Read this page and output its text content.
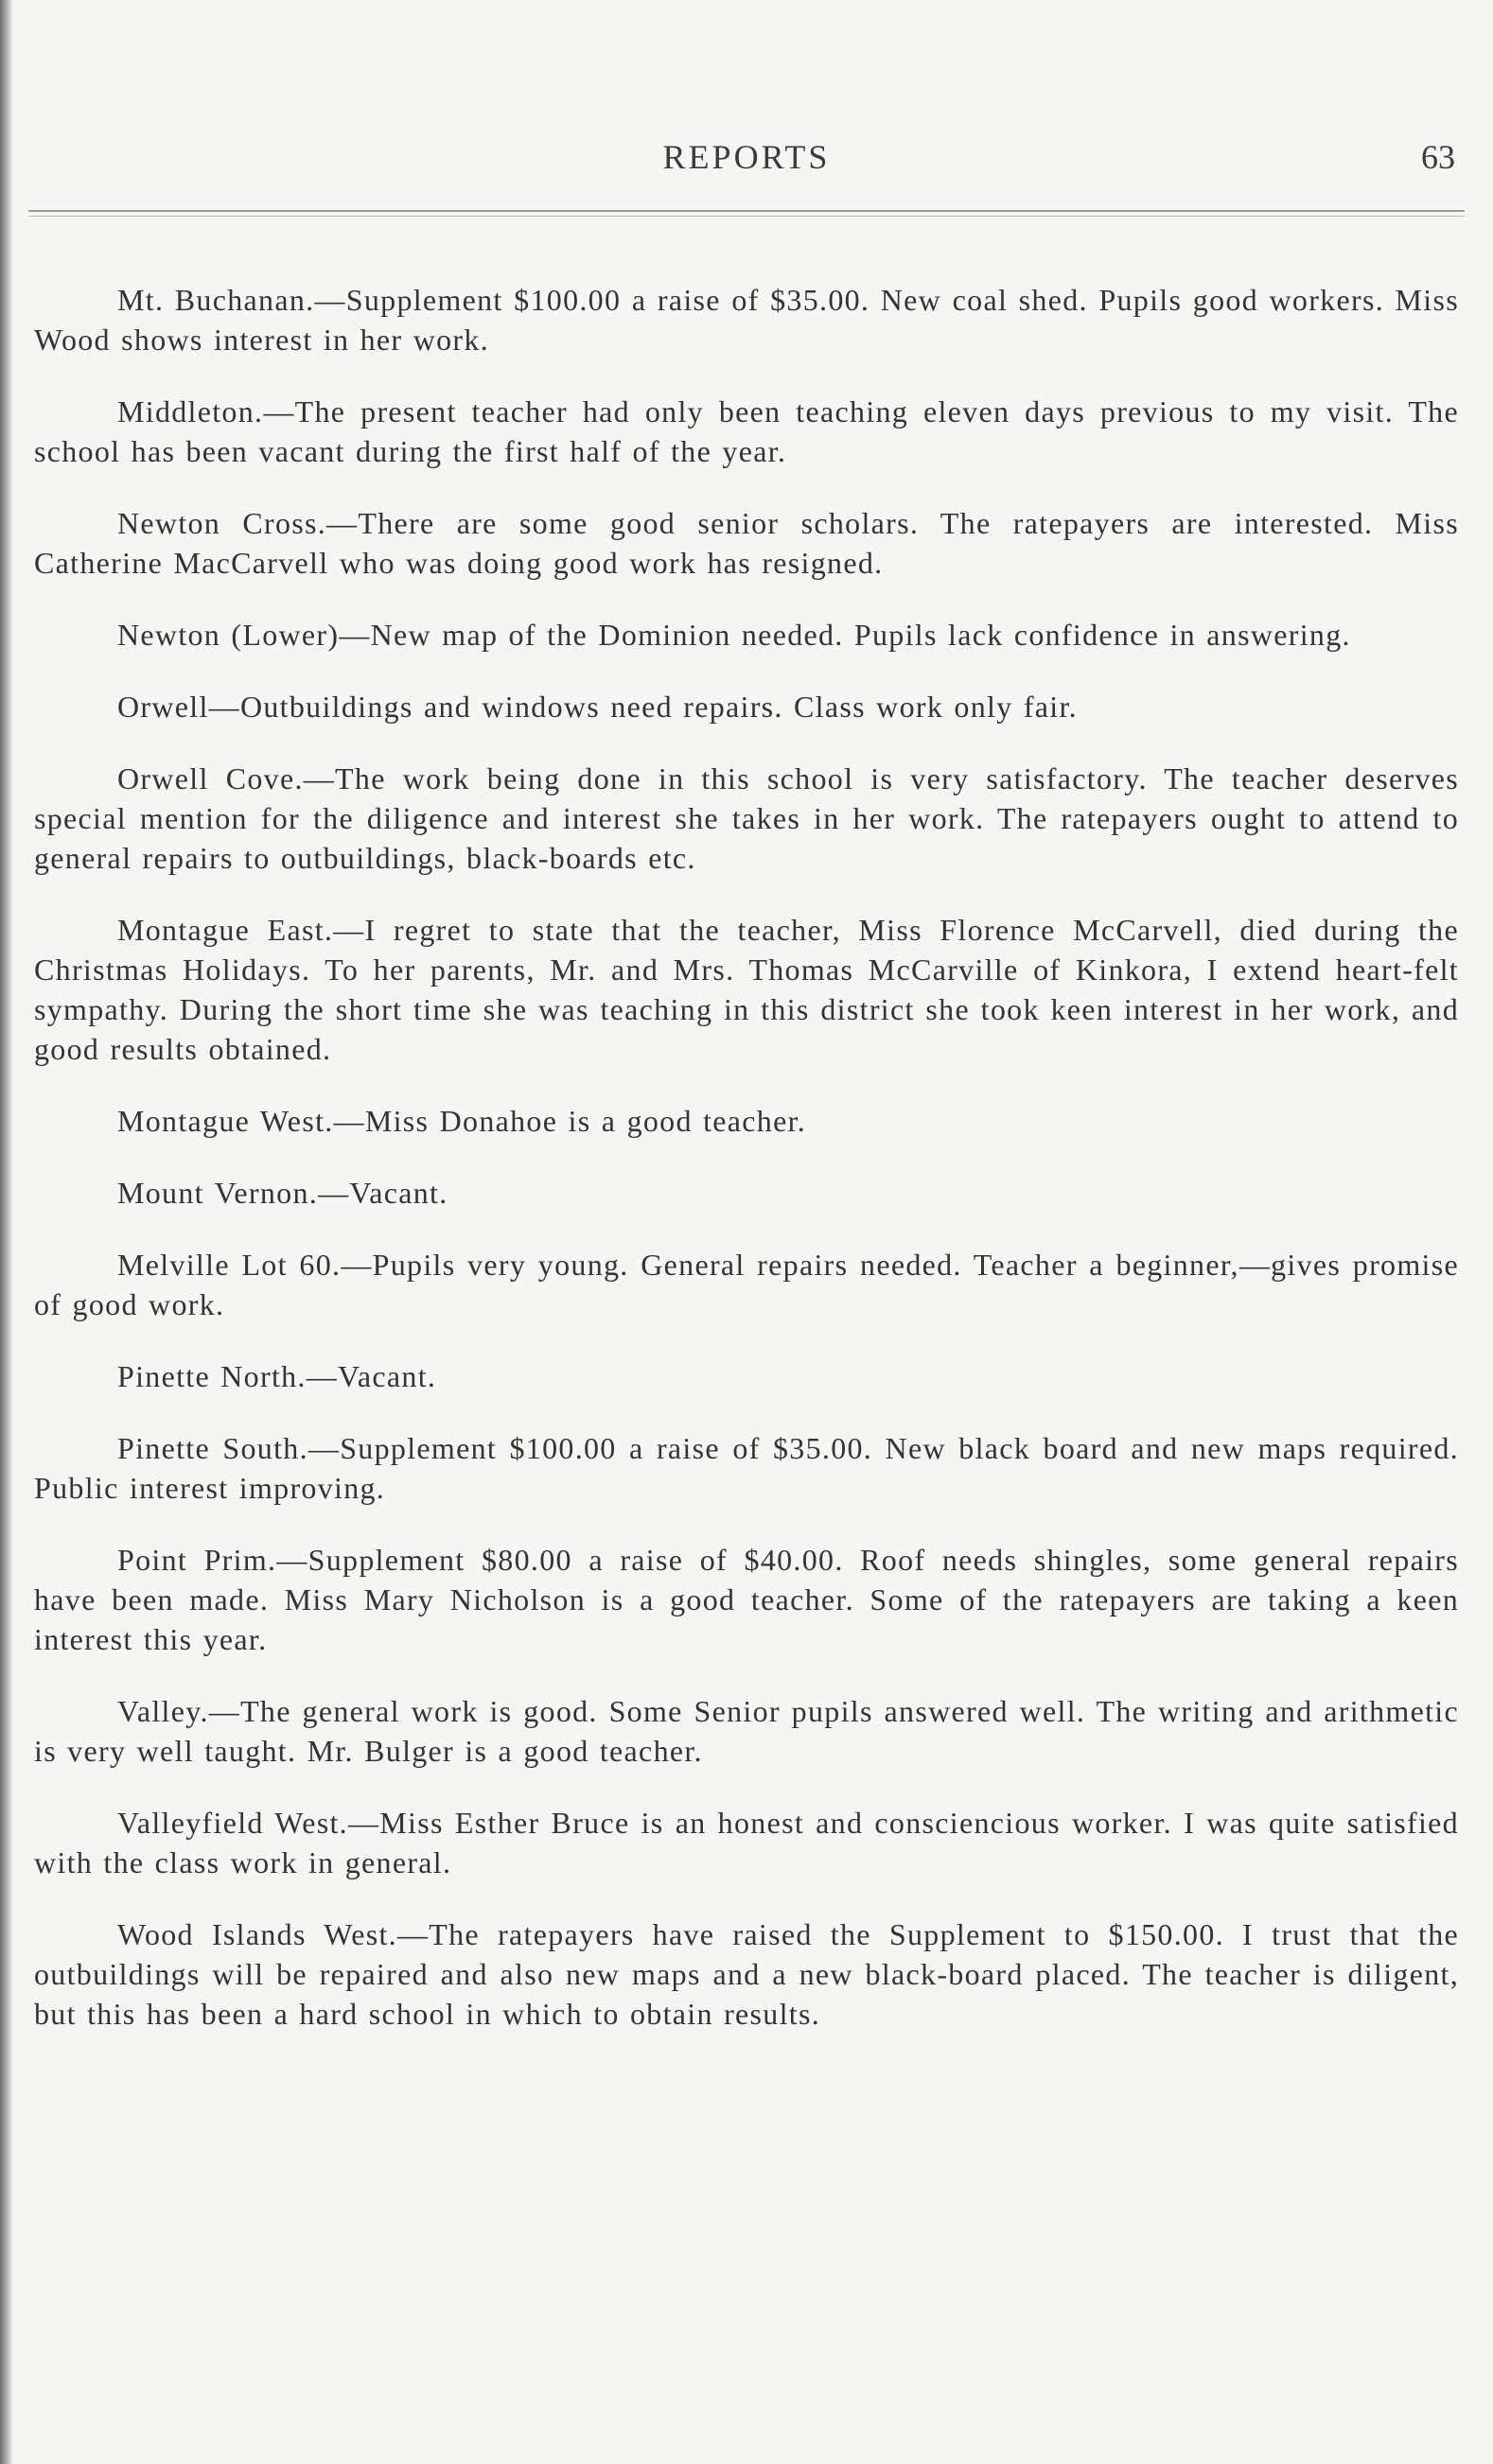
REPORTS	63

Mt. Buchanan.—Supplement $100.00 a raise of $35.00. New coal shed. Pupils good workers. Miss Wood shows interest in her work.

Middleton.—The present teacher had only been teaching eleven days previous to my visit. The school has been vacant during the first half of the year.

Newton Cross.—There are some good senior scholars. The ratepayers are interested. Miss Catherine MacCarvell who was doing good work has resigned.

Newton (Lower)—New map of the Dominion needed. Pupils lack confidence in answering.

Orwell—Outbuildings and windows need repairs. Class work only fair.

Orwell Cove.—The work being done in this school is very satisfactory. The teacher deserves special mention for the diligence and interest she takes in her work. The ratepayers ought to attend to general repairs to outbuildings, black-boards etc.

Montague East.—I regret to state that the teacher, Miss Florence McCarvell, died during the Christmas Holidays. To her parents, Mr. and Mrs. Thomas McCarville of Kinkora, I extend heart-felt sympathy. During the short time she was teaching in this district she took keen interest in her work, and good results obtained.

Montague West.—Miss Donahoe is a good teacher.

Mount Vernon.—Vacant.

Melville Lot 60.—Pupils very young. General repairs needed. Teacher a beginner,—gives promise of good work.

Pinette North.—Vacant.

Pinette South.—Supplement $100.00 a raise of $35.00. New black board and new maps required. Public interest improving.

Point Prim.—Supplement $80.00 a raise of $40.00. Roof needs shingles, some general repairs have been made. Miss Mary Nicholson is a good teacher. Some of the ratepayers are taking a keen interest this year.

Valley.—The general work is good. Some Senior pupils answered well. The writing and arithmetic is very well taught. Mr. Bulger is a good teacher.

Valleyfield West.—Miss Esther Bruce is an honest and consciencious worker. I was quite satisfied with the class work in general.

Wood Islands West.—The ratepayers have raised the Supplement to $150.00. I trust that the outbuildings will be repaired and also new maps and a new black-board placed. The teacher is diligent, but this has been a hard school in which to obtain results.
